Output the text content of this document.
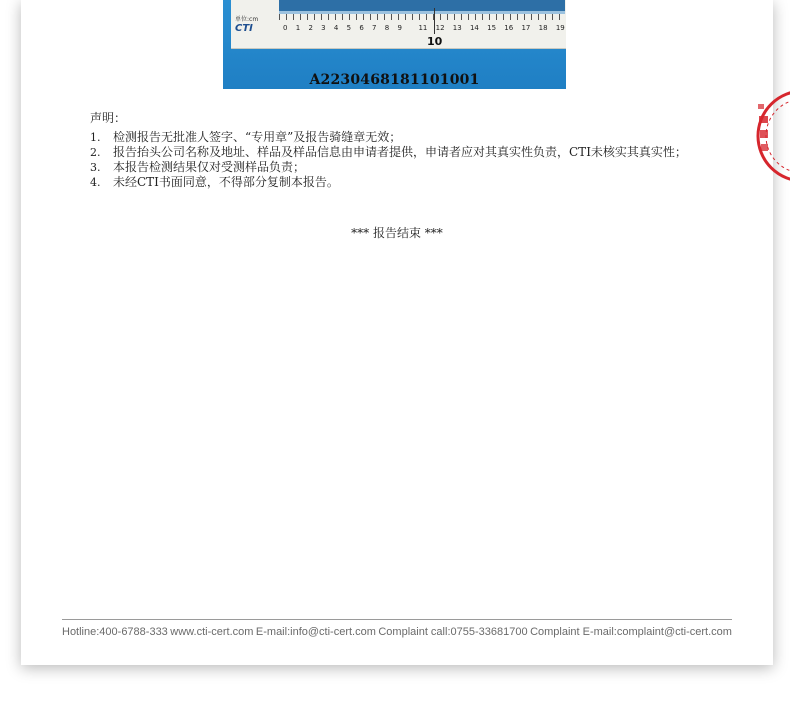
单位:cm
CTI	0 1 2 3 4 5 6 7 8 9 11 12 13 14 15 16 17 18 19
10
A2230468181101001
声明：
1. 检测报告无批准人签字、“专用章”及报告骑缝章无效；
2. 报告抬头公司名称及地址、样品及样品信息由申请者提供，申请者应对其真实性负责，CTI未核实其真实性；
3. 本报告检测结果仅对受测样品负责；
4. 未经CTI书面同意，不得部分复制本报告。
*** 报告结束 ***
Hotline:400-6788-333 www.cti-cert.com E-mail:info@cti-cert.com Complaint call:0755-33681700 Complaint E-mail:complaint@cti-cert.com
